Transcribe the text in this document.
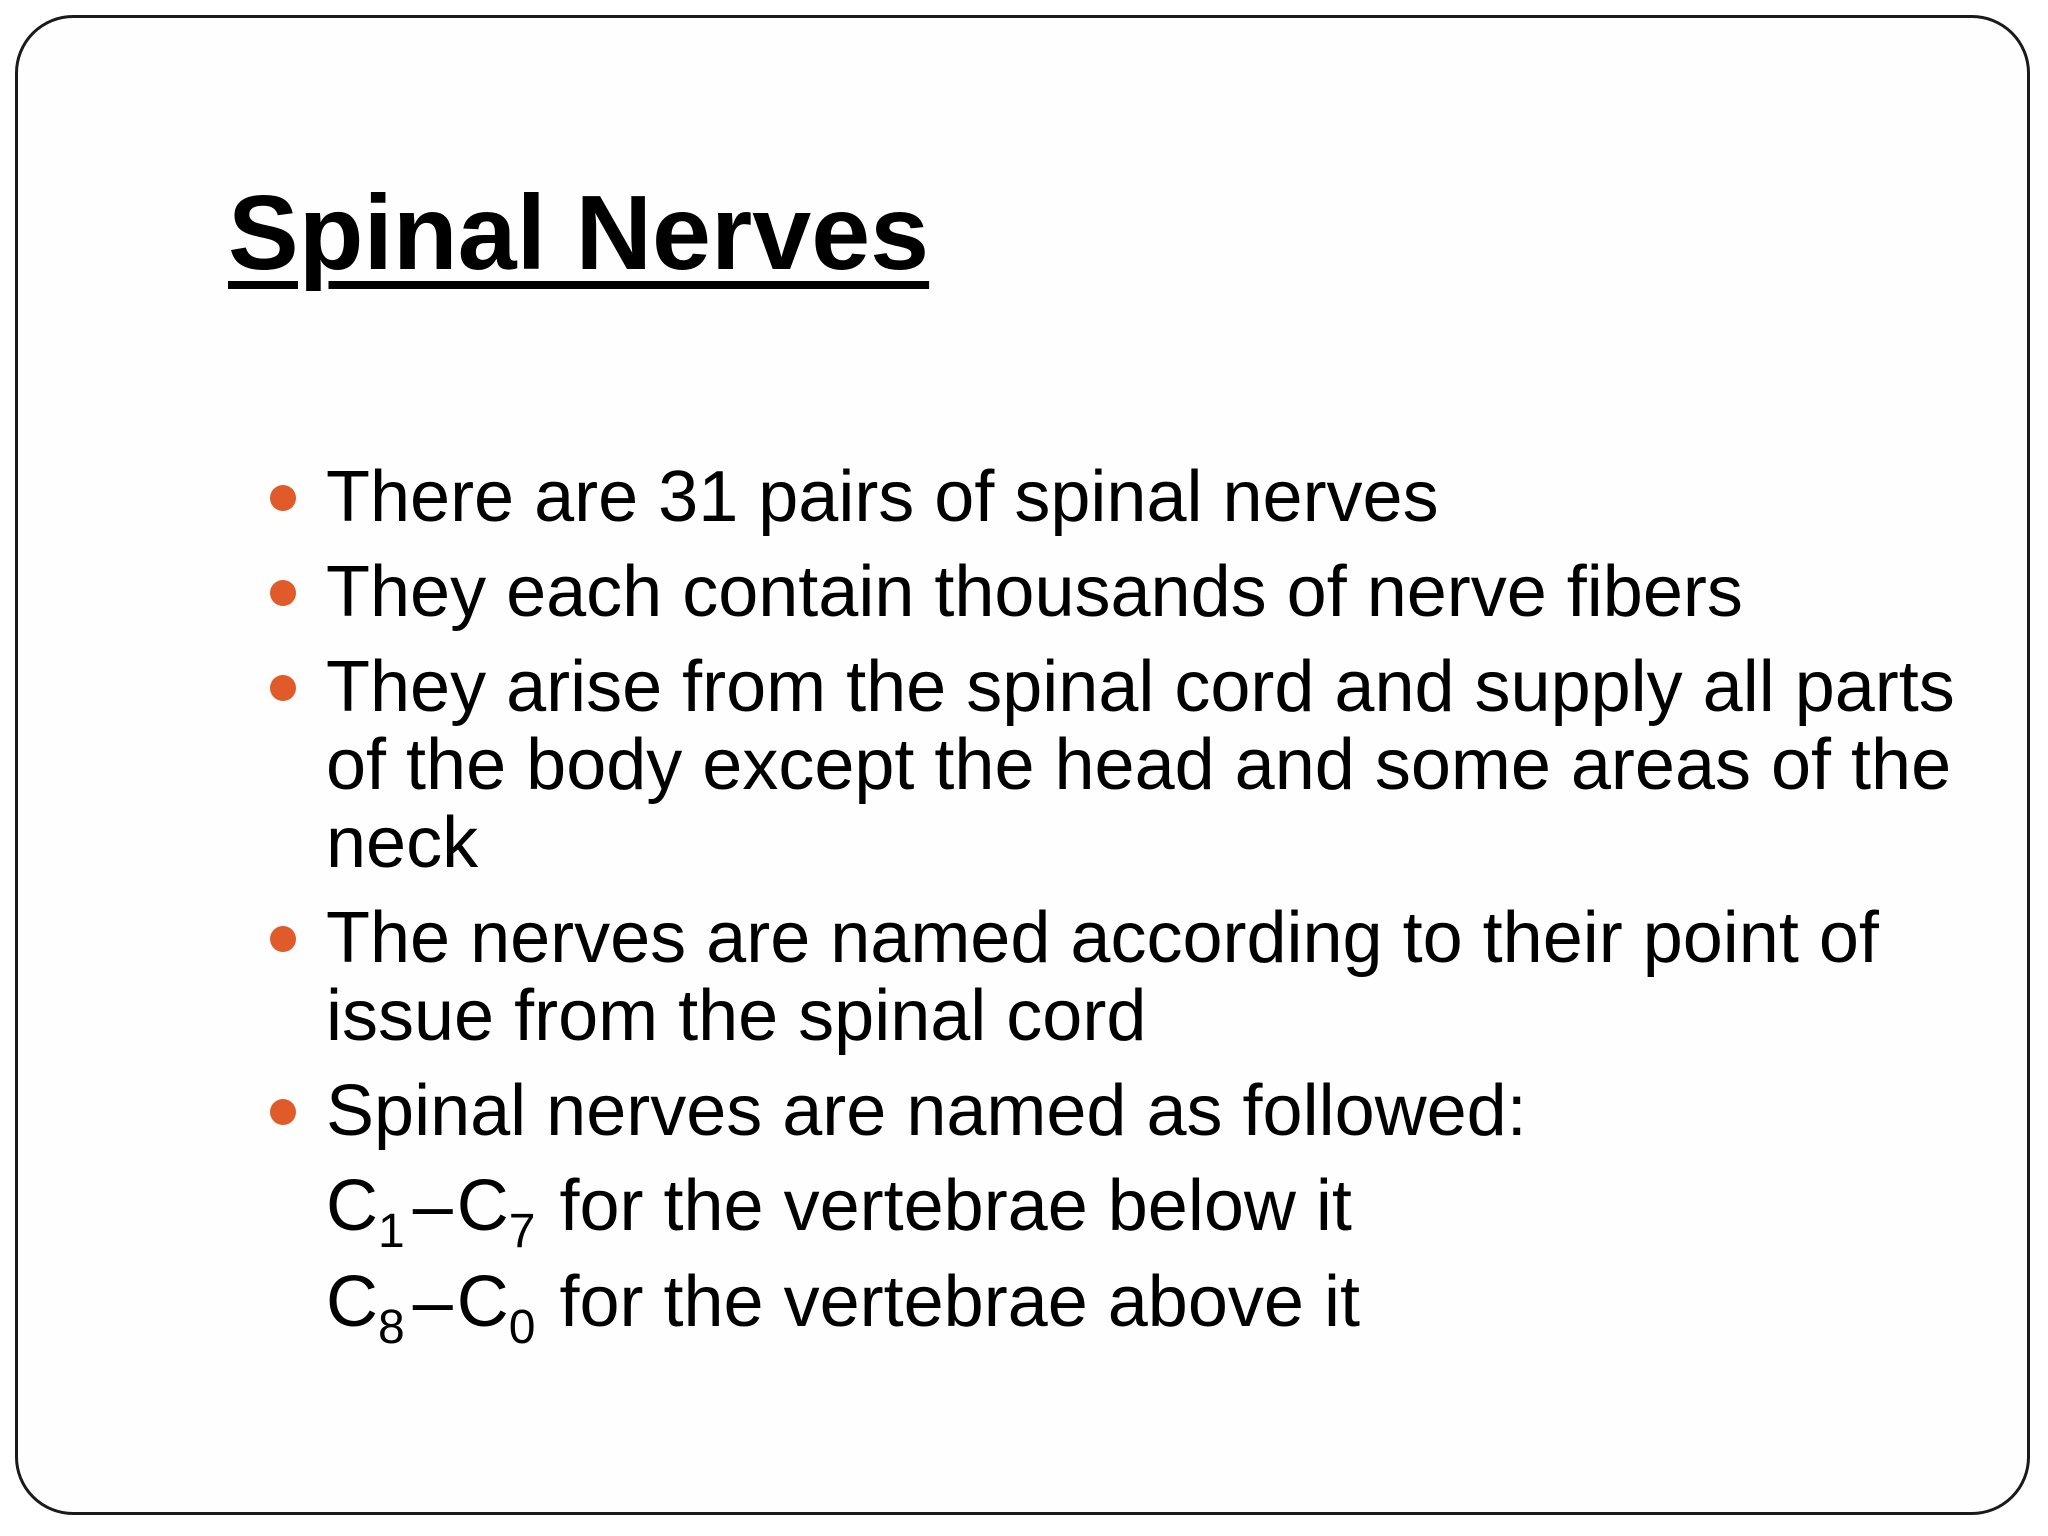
Spinal Nerves
There are 31 pairs of spinal nerves
They each contain thousands of nerve fibers
They arise from the spinal cord and supply all parts of the body except the head and some areas of the neck
The nerves are named according to their point of issue from the spinal cord
Spinal nerves are named as followed:
$C_1$ $-C_7$ for the vertebrae below it
$C_8$ $-C_0$ for the vertebrae above it
